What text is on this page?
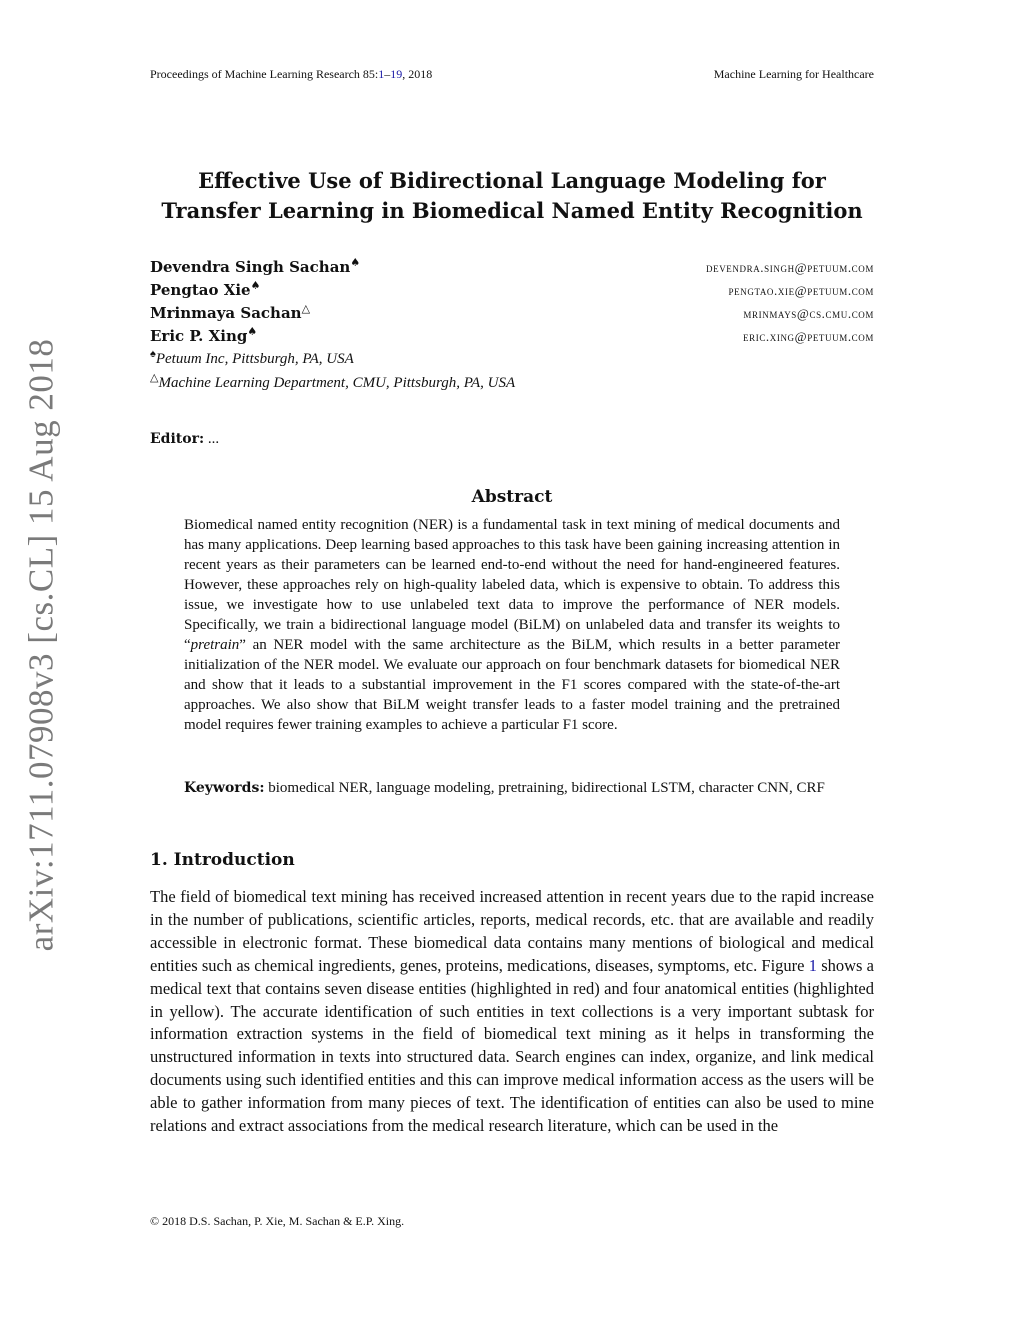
Proceedings of Machine Learning Research 85:1–19, 2018	Machine Learning for Healthcare
arXiv:1711.07908v3 [cs.CL] 15 Aug 2018
Effective Use of Bidirectional Language Modeling for
Transfer Learning in Biomedical Named Entity Recognition
Devendra Singh Sachan♠	devendra.singh@petuum.com
Pengtao Xie♠	pengtao.xie@petuum.com
Mrinmaya Sachan△	mrinmays@cs.cmu.com
Eric P. Xing♠	eric.xing@petuum.com
♠Petuum Inc, Pittsburgh, PA, USA
△Machine Learning Department, CMU, Pittsburgh, PA, USA
Editor: ...
Abstract

Biomedical named entity recognition (NER) is a fundamental task in text mining of medical documents and has many applications. Deep learning based approaches to this task have been gaining increasing attention in recent years as their parameters can be learned end-to-end without the need for hand-engineered features. However, these approaches rely on high-quality labeled data, which is expensive to obtain. To address this issue, we investigate how to use unlabeled text data to improve the performance of NER models. Specifically, we train a bidirectional language model (BiLM) on unlabeled data and transfer its weights to “pretrain” an NER model with the same architecture as the BiLM, which results in a better parameter initialization of the NER model. We evaluate our approach on four benchmark datasets for biomedical NER and show that it leads to a substantial improvement in the F1 scores compared with the state-of-the-art approaches. We also show that BiLM weight transfer leads to a faster model training and the pretrained model requires fewer training examples to achieve a particular F1 score.

Keywords: biomedical NER, language modeling, pretraining, bidirectional LSTM, character CNN, CRF

1. Introduction

The field of biomedical text mining has received increased attention in recent years due to the rapid increase in the number of publications, scientific articles, reports, medical records, etc. that are available and readily accessible in electronic format. These biomedical data contains many mentions of biological and medical entities such as chemical ingredients, genes, proteins, medications, diseases, symptoms, etc. Figure 1 shows a medical text that contains seven disease entities (highlighted in red) and four anatomical entities (highlighted in yellow). The accurate identification of such entities in text collections is a very important subtask for information extraction systems in the field of biomedical text mining as it helps in transforming the unstructured information in texts into structured data. Search engines can index, organize, and link medical documents using such identified entities and this can improve medical information access as the users will be able to gather information from many pieces of text. The identification of entities can also be used to mine relations and extract associations from the medical research literature, which can be used in the

© 2018 D.S. Sachan, P. Xie, M. Sachan & E.P. Xing.
